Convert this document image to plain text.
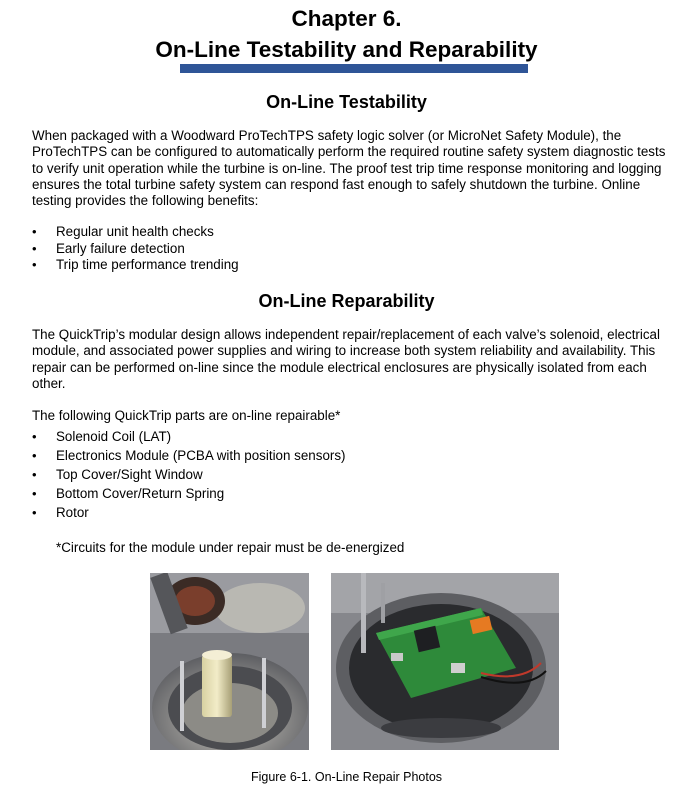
Chapter 6.
On-Line Testability and Reparability
On-Line Testability

When packaged with a Woodward ProTechTPS safety logic solver (or MicroNet Safety Module), the ProTechTPS can be configured to automatically perform the required routine safety system diagnostic tests to verify unit operation while the turbine is on-line. The proof test trip time response monitoring and logging ensures the total turbine safety system can respond fast enough to safely shutdown the turbine. Online testing provides the following benefits:

• Regular unit health checks
• Early failure detection
• Trip time performance trending
On-Line Reparability

The QuickTrip’s modular design allows independent repair/replacement of each valve’s solenoid, electrical module, and associated power supplies and wiring to increase both system reliability and availability. This repair can be performed on-line since the module electrical enclosures are physically isolated from each other.

The following QuickTrip parts are on-line repairable*

• Solenoid Coil (LAT)
• Electronics Module (PCBA with position sensors)
• Top Cover/Sight Window
• Bottom Cover/Return Spring
• Rotor

*Circuits for the module under repair must be de-energized

Figure 6-1. On-Line Repair Photos
